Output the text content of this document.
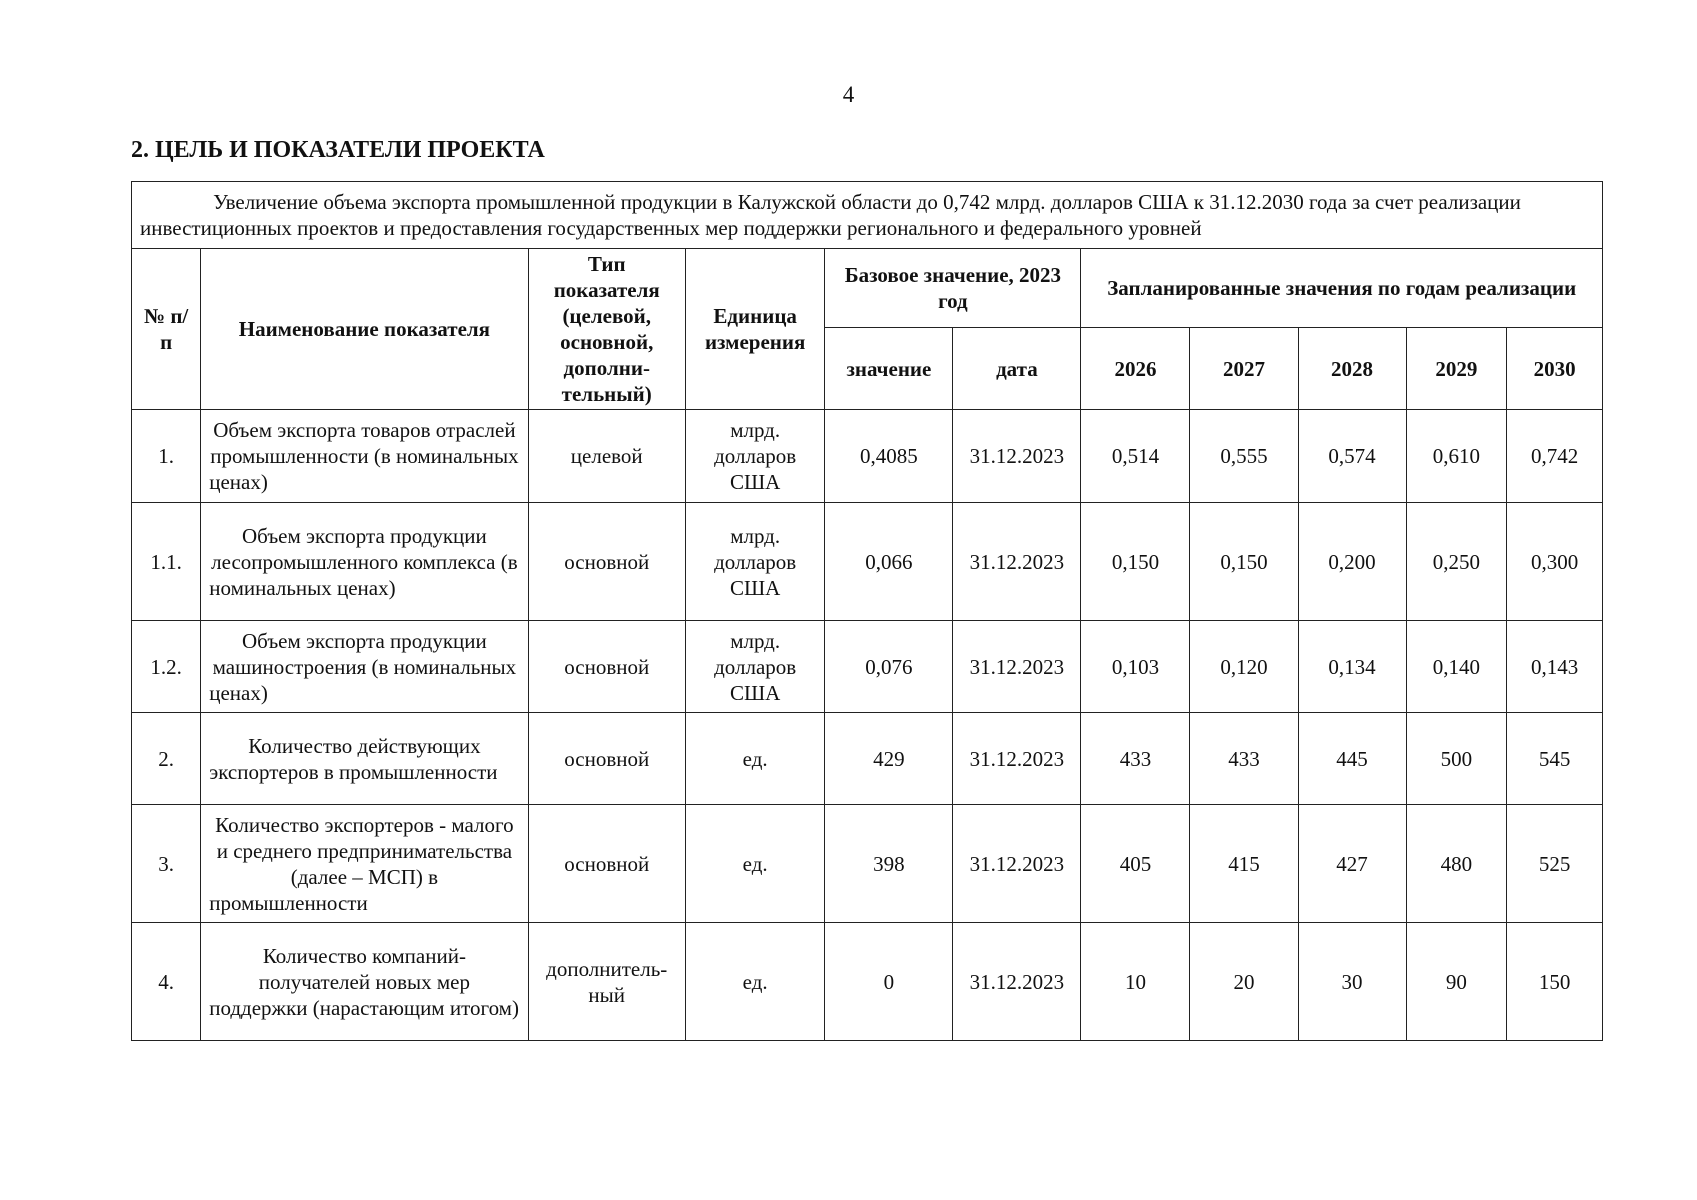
4
2. ЦЕЛЬ И ПОКАЗАТЕЛИ ПРОЕКТА
Увеличение объема экспорта промышленной продукции в Калужской области до 0,742 млрд. долларов США к 31.12.2030 года за счет реализации инвестиционных проектов и предоставления государственных мер поддержки регионального и федерального уровней										
№ п/п	Наименование показателя	Тип показателя (целевой, основной, дополни-тельный)	Единица измерения	Базовое значение, 2023 год		Запланированные значения по годам реализации				
				значение	дата	2026	2027	2028	2029	2030
1.	Объем экспорта товаров отраслей промышленности (в номинальных ценах)	целевой	млрд. долларов США	0,4085	31.12.2023	0,514	0,555	0,574	0,610	0,742
1.1.	Объем экспорта продукции лесопромышленного комплекса (в номинальных ценах)	основной	млрд. долларов США	0,066	31.12.2023	0,150	0,150	0,200	0,250	0,300
1.2.	Объем экспорта продукции машиностроения (в номинальных ценах)	основной	млрд. долларов США	0,076	31.12.2023	0,103	0,120	0,134	0,140	0,143
2.	Количество действующих экспортеров в промышленности	основной	ед.	429	31.12.2023	433	433	445	500	545
3.	Количество экспортеров - малого и среднего предпринимательства (далее – МСП) в промышленности	основной	ед.	398	31.12.2023	405	415	427	480	525
4.	Количество компаний-получателей новых мер поддержки (нарастающим итогом)	дополнитель-ный	ед.	0	31.12.2023	10	20	30	90	150
